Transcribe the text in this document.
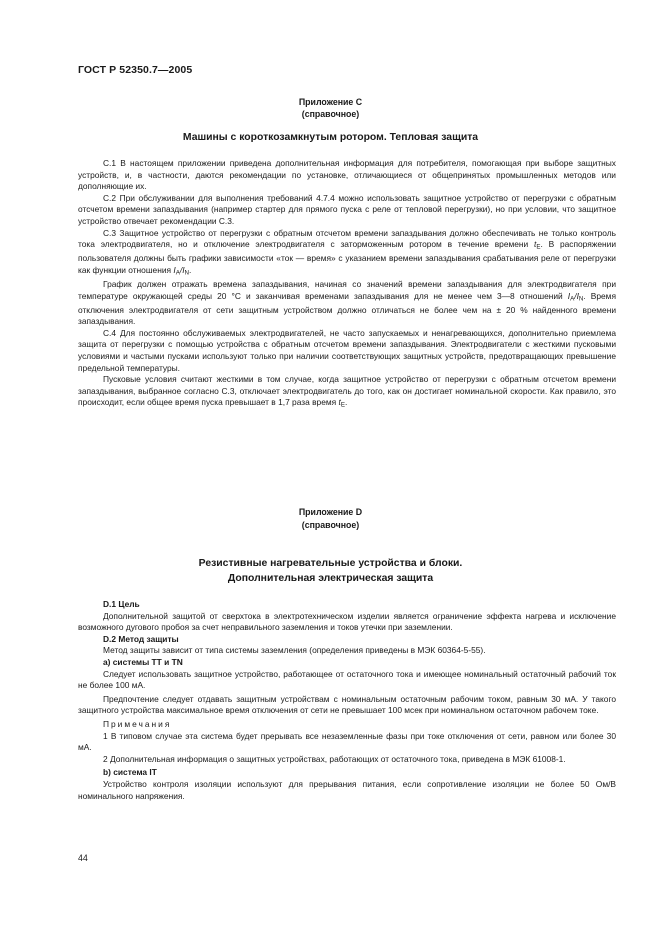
ГОСТ Р 52350.7—2005
Приложение С
(справочное)
Машины с короткозамкнутым ротором. Тепловая защита

С.1 В настоящем приложении приведена дополнительная информация для потребителя, помогающая при выборе защитных устройств, и, в частности, даются рекомендации по установке, отличающиеся от общепринятых промышленных методов или дополняющие их.

С.2 При обслуживании для выполнения требований 4.7.4 можно использовать защитное устройство от перегрузки с обратным отсчетом времени запаздывания (например стартер для прямого пуска с реле от тепловой перегрузки), но при условии, что защитное устройство отвечает рекомендации С.3.

С.3 Защитное устройство от перегрузки с обратным отсчетом времени запаздывания должно обеспечивать не только контроль тока электродвигателя, но и отключение электродвигателя с заторможенным ротором в течение времени $t_E$. В распоряжении пользователя должны быть графики зависимости «ток — время» с указанием времени запаздывания срабатывания реле от перегрузки как функции отношения $I_A/I_N$.

График должен отражать времена запаздывания, начиная со значений времени запаздывания для электродвигателя при температуре окружающей среды 20 °С и заканчивая временами запаздывания для не менее чем 3—8 отношений $I_A/I_N$. Время отключения электродвигателя от сети защитным устройством должно отличаться не более чем на ± 20 % найденного времени запаздывания.

С.4 Для постоянно обслуживаемых электродвигателей, не часто запускаемых и ненагревающихся, дополнительно приемлема защита от перегрузки с помощью устройства с обратным отсчетом времени запаздывания. Электродвигатели с жесткими пусковыми условиями и частыми пусками используют только при наличии соответствующих защитных устройств, предотвращающих превышение предельной температуры.

Пусковые условия считают жесткими в том случае, когда защитное устройство от перегрузки с обратным отсчетом времени запаздывания, выбранное согласно С.3, отключает электродвигатель до того, как он достигает номинальной скорости. Как правило, это происходит, если общее время пуска превышает в 1,7 раза время $t_E$.

Приложение D
(справочное)
Резистивные нагревательные устройства и блоки.
Дополнительная электрическая защита

D.1 Цель

Дополнительной защитой от сверхтока в электротехническом изделии является ограничение эффекта нагрева и исключение возможного дугового пробоя за счет неправильного заземления и токов утечки при заземлении.

D.2 Метод защиты

Метод защиты зависит от типа системы заземления (определения приведены в МЭК 60364-5-55).

а) системы ТТ и TN

Следует использовать защитное устройство, работающее от остаточного тока и имеющее номинальный остаточный рабочий ток не более 100 мА.

Предпочтение следует отдавать защитным устройствам с номинальным остаточным рабочим током, равным 30 мА. У такого защитного устройства максимальное время отключения от сети не превышает 100 мсек при номинальном остаточном рабочем токе.

Примечания

1 В типовом случае эта система будет прерывать все незаземленные фазы при токе отключения от сети, равном или более 30 мА.

2 Дополнительная информация о защитных устройствах, работающих от остаточного тока, приведена в МЭК 61008-1.

b) система IT

Устройство контроля изоляции используют для прерывания питания, если сопротивление изоляции не более 50 Ом/В номинального напряжения.

44
